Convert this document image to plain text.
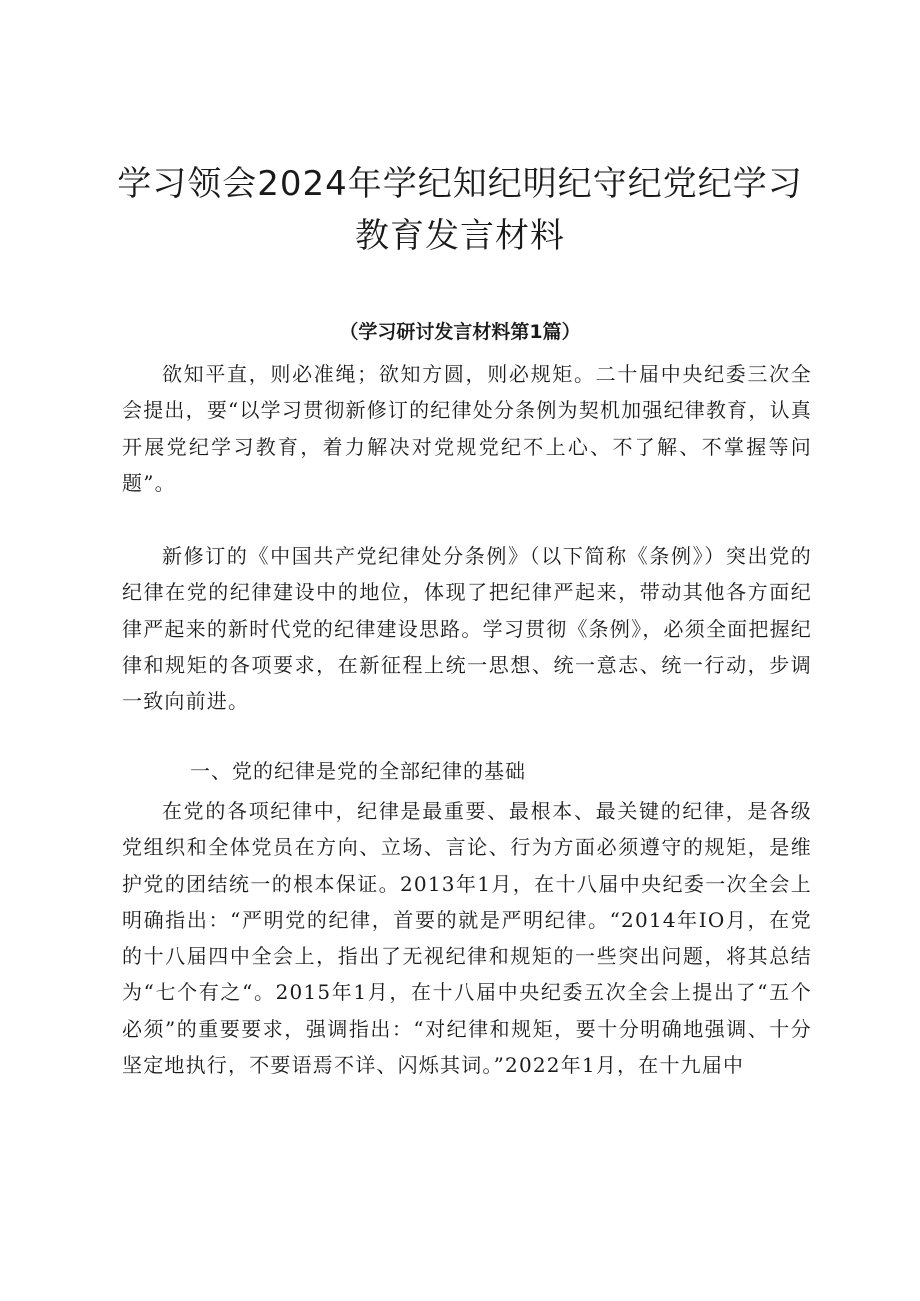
学习领会2024年学纪知纪明纪守纪党纪学习
教育发言材料
（学习研讨发言材料第1篇）

欲知平直，则必准绳；欲知方圆，则必规矩。二十届中央纪委三次全会提出，要“以学习贯彻新修订的纪律处分条例为契机加强纪律教育，认真开展党纪学习教育，着力解决对党规党纪不上心、不了解、不掌握等问题”。

新修订的《中国共产党纪律处分条例》（以下简称《条例》）突出党的纪律在党的纪律建设中的地位，体现了把纪律严起来，带动其他各方面纪律严起来的新时代党的纪律建设思路。学习贯彻《条例》，必须全面把握纪律和规矩的各项要求，在新征程上统一思想、统一意志、统一行动，步调一致向前进。

一、党的纪律是党的全部纪律的基础

在党的各项纪律中，纪律是最重要、最根本、最关键的纪律，是各级党组织和全体党员在方向、立场、言论、行为方面必须遵守的规矩，是维护党的团结统一的根本保证。2013年1月，在十八届中央纪委一次全会上明确指出：“严明党的纪律，首要的就是严明纪律。“2014年IO月，在党的十八届四中全会上，指出了无视纪律和规矩的一些突出问题，将其总结为“七个有之“。2015年1月，在十八届中央纪委五次全会上提出了“五个必须”的重要要求，强调指出：“对纪律和规矩，要十分明确地强调、十分坚定地执行，不要语焉不详、闪烁其词。”2022年1月，在十九届中
